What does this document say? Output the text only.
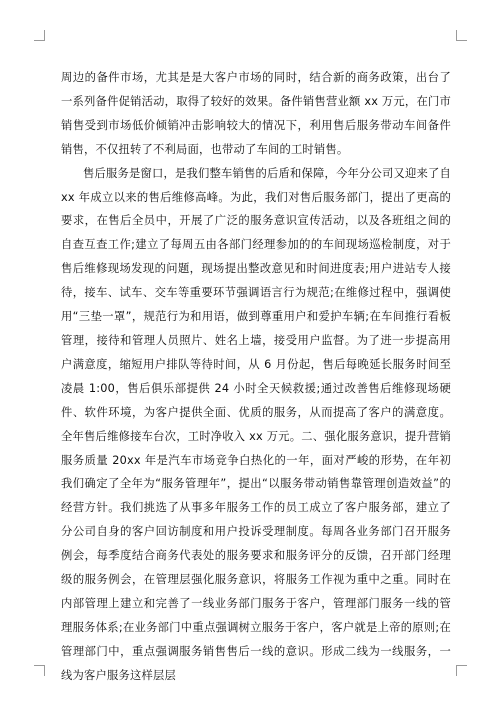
周边的备件市场，尤其是是大客户市场的同时，结合新的商务政策，出台了一系列备件促销活动，取得了较好的效果。备件销售营业额 xx 万元，在门市销售受到市场低价倾销冲击影响较大的情况下，利用售后服务带动车间备件销售，不仅扭转了不利局面，也带动了车间的工时销售。

售后服务是窗口，是我们整车销售的后盾和保障，今年分公司又迎来了自 xx 年成立以来的售后维修高峰。为此，我们对售后服务部门，提出了更高的要求，在售后全员中，开展了广泛的服务意识宣传活动，以及各班组之间的自查互查工作;建立了每周五由各部门经理参加的的车间现场巡检制度，对于售后维修现场发现的问题，现场提出整改意见和时间进度表;用户进站专人接待，接车、试车、交车等重要环节强调语言行为规范;在维修过程中，强调使用“三垫一罩”，规范行为和用语，做到尊重用户和爱护车辆;在车间推行看板管理，接待和管理人员照片、姓名上墙，接受用户监督。为了进一步提高用户满意度，缩短用户排队等待时间，从 6 月份起，售后每晚延长服务时间至凌晨 1:00，售后俱乐部提供 24 小时全天候救援;通过改善售后维修现场硬件、软件环境，为客户提供全面、优质的服务，从而提高了客户的满意度。全年售后维修接车台次，工时净收入 xx 万元。二、强化服务意识，提升营销服务质量 20xx 年是汽车市场竞争白热化的一年，面对严峻的形势，在年初我们确定了全年为“服务管理年”，提出“以服务带动销售靠管理创造效益”的经营方针。我们挑选了从事多年服务工作的员工成立了客户服务部，建立了分公司自身的客户回访制度和用户投诉受理制度。每周各业务部门召开服务例会，每季度结合商务代表处的服务要求和服务评分的反馈，召开部门经理级的服务例会，在管理层强化服务意识，将服务工作视为重中之重。同时在内部管理上建立和完善了一线业务部门服务于客户，管理部门服务一线的管理服务体系;在业务部门中重点强调树立服务于客户，客户就是上帝的原则;在管理部门中，重点强调服务销售售后一线的意识。形成二线为一线服务，一线为客户服务这样层层
